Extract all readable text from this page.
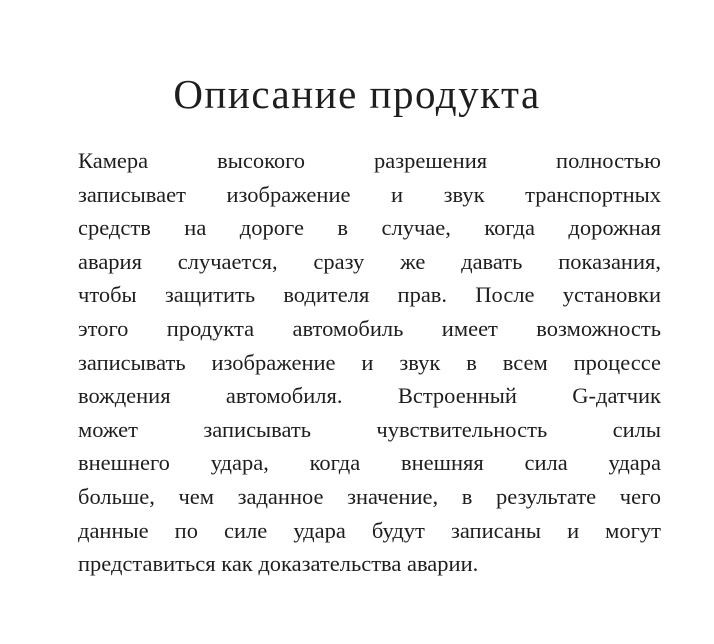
Описание продукта
Камера высокого разрешения полностью
записывает изображение и звук транспортных
средств на дороге в случае, когда дорожная
авария случается, сразу же давать показания,
чтобы защитить водителя прав. После установки
этого продукта автомобиль имеет возможность
записывать изображение и звук в всем процессе
вождения автомобиля. Встроенный G-датчик
может записывать чувствительность силы
внешнего удара, когда внешняя сила удара
больше, чем заданное значение, в результате чего
данные по силе удара будут записаны и могут
представиться как доказательства аварии.
